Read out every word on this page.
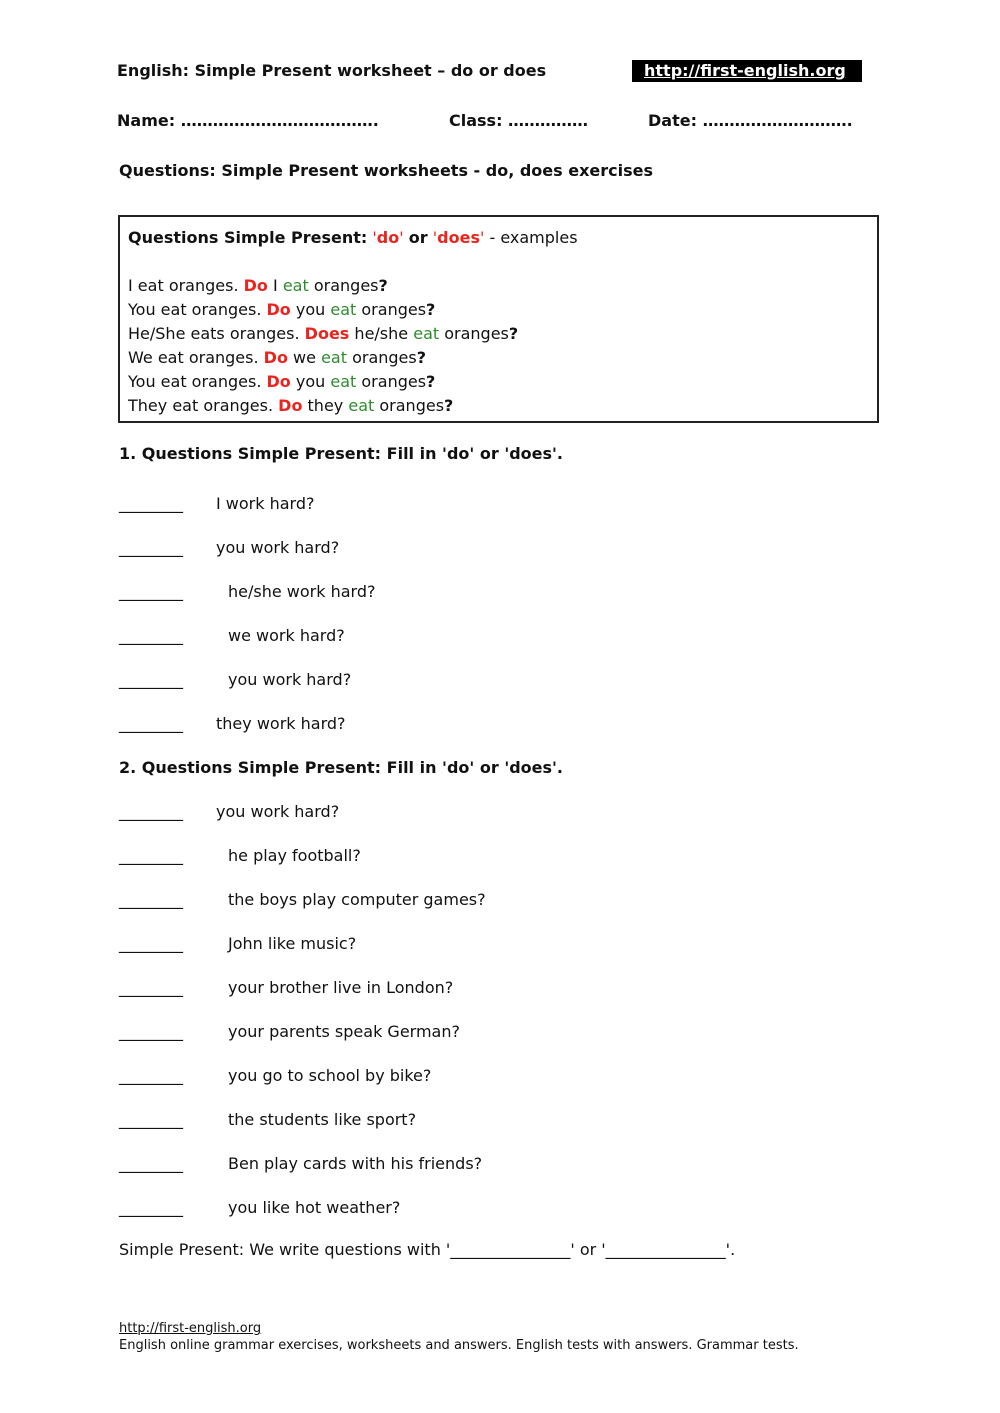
English: Simple Present worksheet – do or does	http://first-english.org
Name: ……………………………….	Class: ……………	Date: ……………………….
Questions: Simple Present worksheets - do, does exercises
Questions Simple Present: 'do' or 'does' - examples
I eat oranges. Do I eat oranges?
You eat oranges. Do you eat oranges?
He/She eats oranges. Does he/she eat oranges?
We eat oranges. Do we eat oranges?
You eat oranges. Do you eat oranges?
They eat oranges. Do they eat oranges?
1. Questions Simple Present: Fill in 'do' or 'does'.
________ I work hard?
________ you work hard?
________	he/she work hard?
________	we work hard?
________	you work hard?
________ they work hard?
2. Questions Simple Present: Fill in 'do' or 'does'.
________ you work hard?
________	he play football?
________	the boys play computer games?
________	John like music?
________	your brother live in London?
________	your parents speak German?
________	you go to school by bike?
________	the students like sport?
________	Ben play cards with his friends?
________	you like hot weather?
Simple Present: We write questions with '_______________' or '_______________'.
http://first-english.org
English online grammar exercises, worksheets and answers. English tests with answers. Grammar tests.
